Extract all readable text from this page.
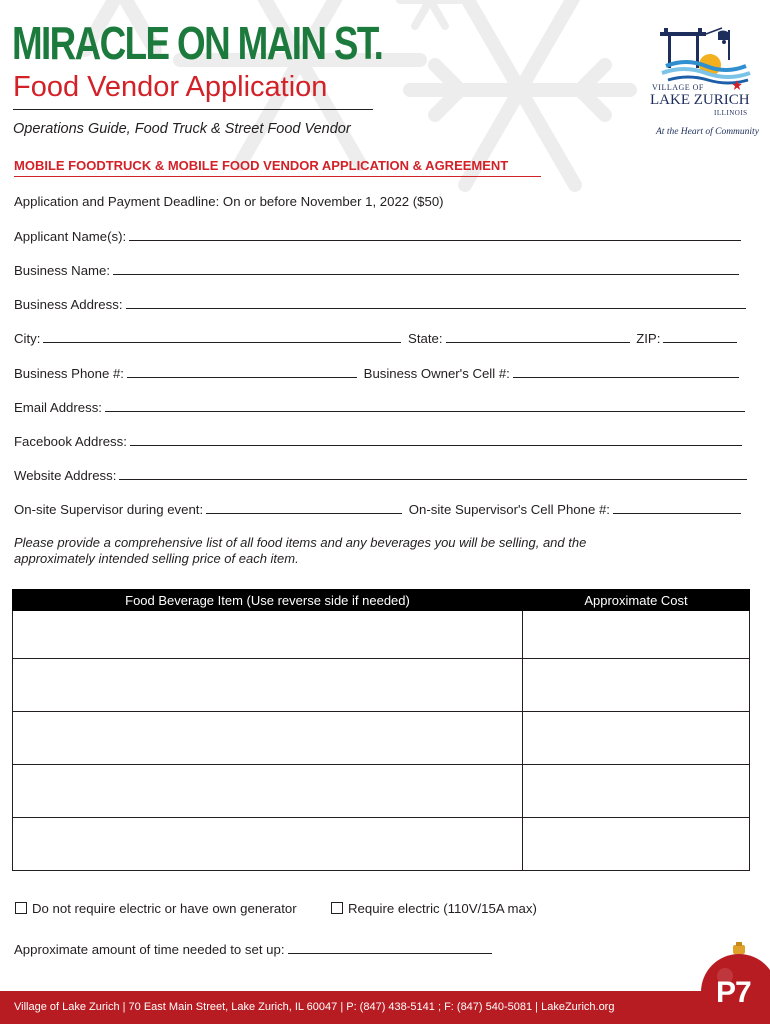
MIRACLE ON MAIN ST.
Food Vendor Application
Operations Guide, Food Truck & Street Food Vendor
VILLAGE OF
LAKE ZURICH
ILLINOIS
At the Heart of Community
MOBILE FOODTRUCK & MOBILE FOOD VENDOR APPLICATION & AGREEMENT
Application and Payment Deadline: On or before November 1, 2022 ($50)
Applicant Name(s):
Business Name:
Business Address:
City:	State:	ZIP:
Business Phone #:	Business Owner's Cell #:
Email Address:
Facebook Address:
Website Address:
On-site Supervisor during event:	On-site Supervisor's Cell Phone #:
Please provide a comprehensive list of all food items and any beverages you will be selling, and the approximately intended selling price of each item.
Food Beverage Item (Use reverse side if needed)	Approximate Cost

Do not require electric or have own generator	Require electric (110V/15A max)
Approximate amount of time needed to set up:
Village of Lake Zurich | 70 East Main Street, Lake Zurich, IL 60047 | P: (847) 438-5141 ; F: (847) 540-5081 | LakeZurich.org	P7
